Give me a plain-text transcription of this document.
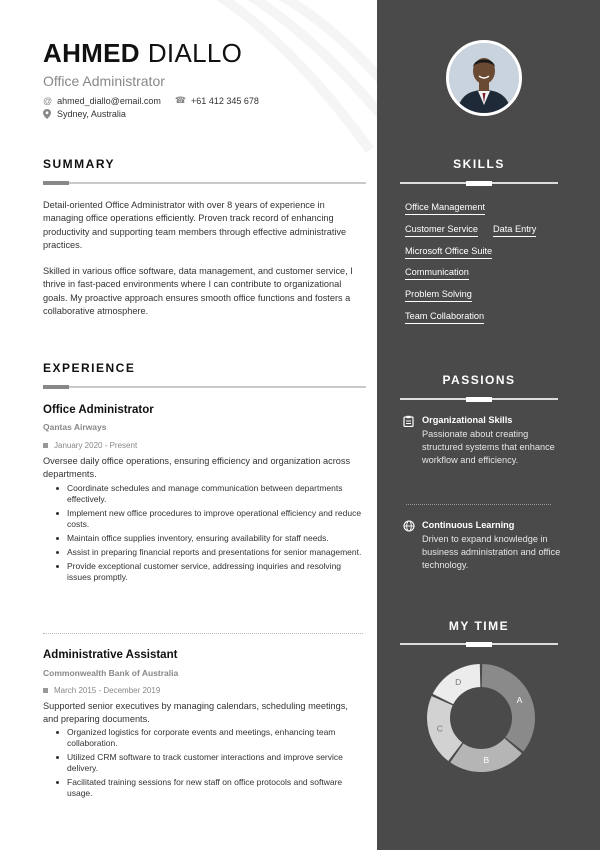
AHMED DIALLO
Office Administrator
@ ahmed_diallo@email.com ☎ +61 412 345 678
Sydney, Australia
SUMMARY
Detail-oriented Office Administrator with over 8 years of experience in managing office operations efficiently. Proven track record of enhancing productivity and supporting team members through effective administrative practices.
Skilled in various office software, data management, and customer service, I thrive in fast-paced environments where I can contribute to organizational goals. My proactive approach ensures smooth office functions and fosters a collaborative atmosphere.
EXPERIENCE
Office Administrator
Qantas Airways
January 2020 - Present
Oversee daily office operations, ensuring efficiency and organization across departments.
Coordinate schedules and manage communication between departments effectively.
Implement new office procedures to improve operational efficiency and reduce costs.
Maintain office supplies inventory, ensuring availability for staff needs.
Assist in preparing financial reports and presentations for senior management.
Provide exceptional customer service, addressing inquiries and resolving issues promptly.
Administrative Assistant
Commonwealth Bank of Australia
March 2015 - December 2019
Supported senior executives by managing calendars, scheduling meetings, and preparing documents.
Organized logistics for corporate events and meetings, enhancing team collaboration.
Utilized CRM software to track customer interactions and improve service delivery.
Facilitated training sessions for new staff on office protocols and software usage.
SKILLS
Office Management
Customer Service Data Entry
Microsoft Office Suite
Communication
Problem Solving
Team Collaboration
PASSIONS
Organizational Skills
Passionate about creating structured systems that enhance workflow and efficiency.
Continuous Learning
Driven to expand knowledge in business administration and office technology.
MY TIME
A
B
C
D
